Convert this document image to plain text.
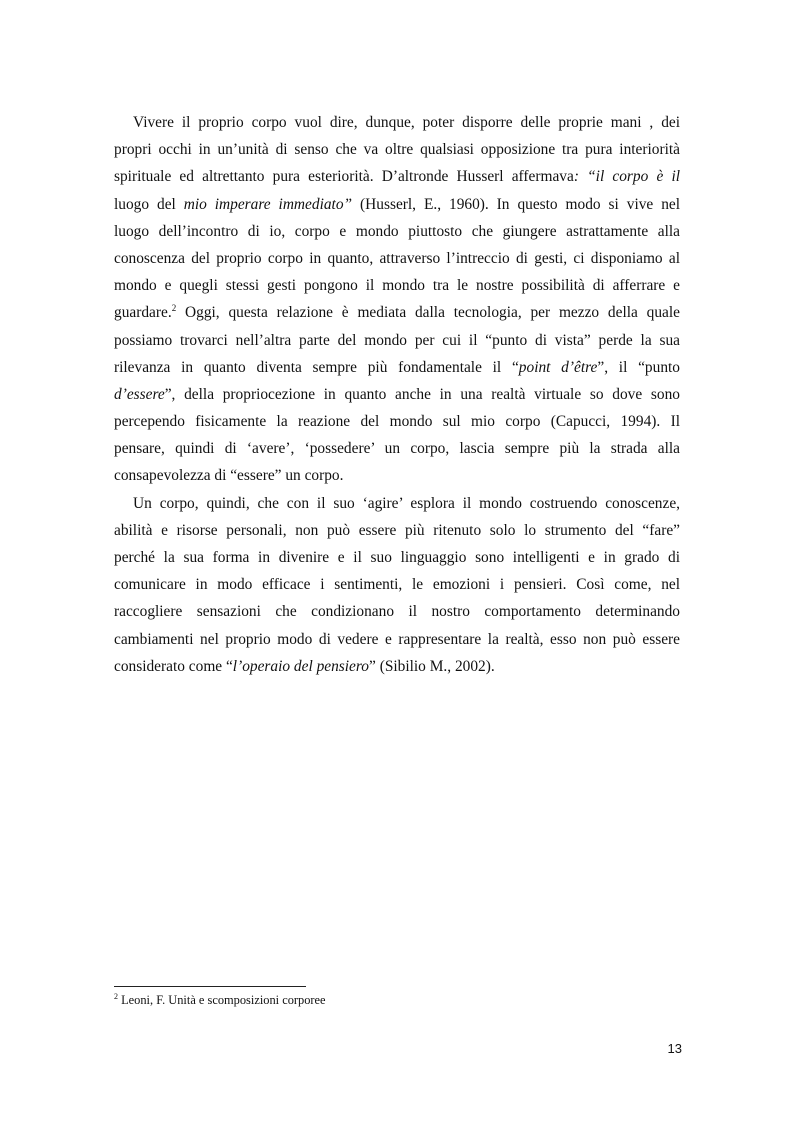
Vivere il proprio corpo vuol dire, dunque, poter disporre delle proprie mani , dei
propri occhi in un’unità di senso che va oltre qualsiasi opposizione tra pura interiorità
spirituale ed altrettanto pura esteriorità. D’altronde Husserl affermava: “il corpo è il
luogo del mio imperare immediato” (Husserl, E., 1960). In questo modo si vive nel
luogo dell’incontro di io, corpo e mondo piuttosto che giungere astrattamente alla
conoscenza del proprio corpo in quanto, attraverso l’intreccio di gesti, ci disponiamo al
mondo e quegli stessi gesti pongono il mondo tra le nostre possibilità di afferrare e
guardare.$^2$ Oggi, questa relazione è mediata dalla tecnologia, per mezzo della quale
possiamo trovarci nell’altra parte del mondo per cui il “punto di vista” perde la sua
rilevanza in quanto diventa sempre più fondamentale il “point d’être”, il “punto
d’essere”, della propriocezione in quanto anche in una realtà virtuale so dove sono
percependo fisicamente la reazione del mondo sul mio corpo (Capucci, 1994). Il
pensare, quindi di ‘avere’, ‘possedere’ un corpo, lascia sempre più la strada alla
consapevolezza di “essere” un corpo.
Un corpo, quindi, che con il suo ‘agire’ esplora il mondo costruendo conoscenze,
abilità e risorse personali, non può essere più ritenuto solo lo strumento del “fare”
perché la sua forma in divenire e il suo linguaggio sono intelligenti e in grado di
comunicare in modo efficace i sentimenti, le emozioni i pensieri. Così come, nel
raccogliere sensazioni che condizionano il nostro comportamento determinando
cambiamenti nel proprio modo di vedere e rappresentare la realtà, esso non può essere
considerato come “l’operaio del pensiero” (Sibilio M., 2002).
$^2$ Leoni, F. Unità e scomposizioni corporee
13
